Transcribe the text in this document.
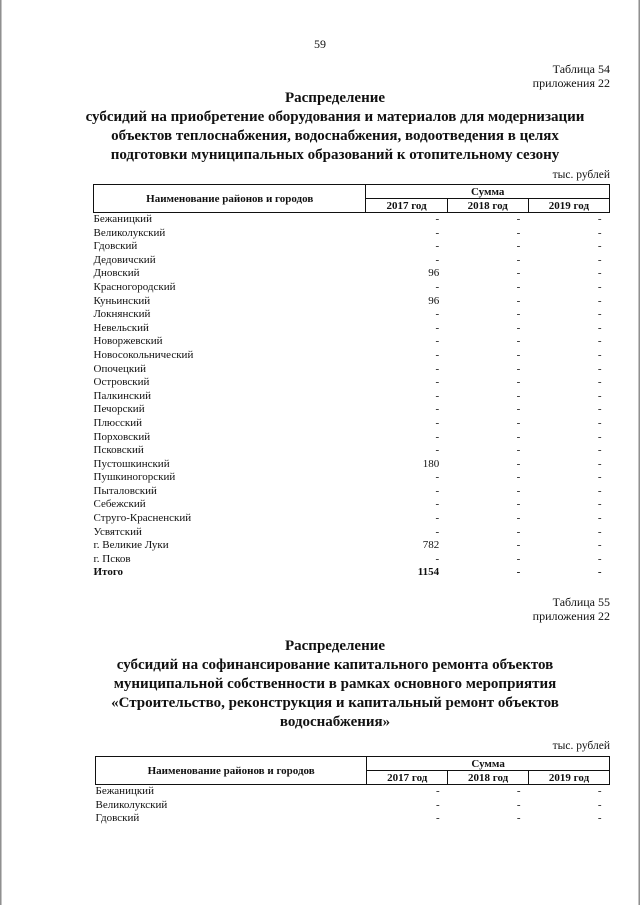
59
Таблица 54
приложения 22
Распределение
субсидий на приобретение оборудования и материалов для модернизации
объектов теплоснабжения, водоснабжения, водоотведения в целях
подготовки муниципальных образований к отопительному сезону
тыс. рублей
Наименование районов и городов	Сумма		
	2017 год	2018 год	2019 год
Бежаницкий	-	-	-
Великолукский	-	-	-
Гдовский	-	-	-
Дедовичский	-	-	-
Дновский	96	-	-
Красногородский	-	-	-
Куньинский	96	-	-
Локнянский	-	-	-
Невельский	-	-	-
Новоржевский	-	-	-
Новосокольнический	-	-	-
Опочецкий	-	-	-
Островский	-	-	-
Палкинский	-	-	-
Печорский	-	-	-
Плюсский	-	-	-
Порховский	-	-	-
Псковский	-	-	-
Пустошкинский	180	-	-
Пушкиногорский	-	-	-
Пыталовский	-	-	-
Себежский	-	-	-
Струго-Красненский	-	-	-
Усвятский	-	-	-
г. Великие Луки	782	-	-
г. Псков	-	-	-
Итого	1154	-	-
Таблица 55
приложения 22
Распределение
субсидий на софинансирование капитального ремонта объектов
муниципальной собственности в рамках основного мероприятия
«Строительство, реконструкция и капитальный ремонт объектов
водоснабжения»
тыс. рублей
Наименование районов и городов	Сумма		
	2017 год	2018 год	2019 год
Бежаницкий	-	-	-
Великолукский	-	-	-
Гдовский	-	-	-
